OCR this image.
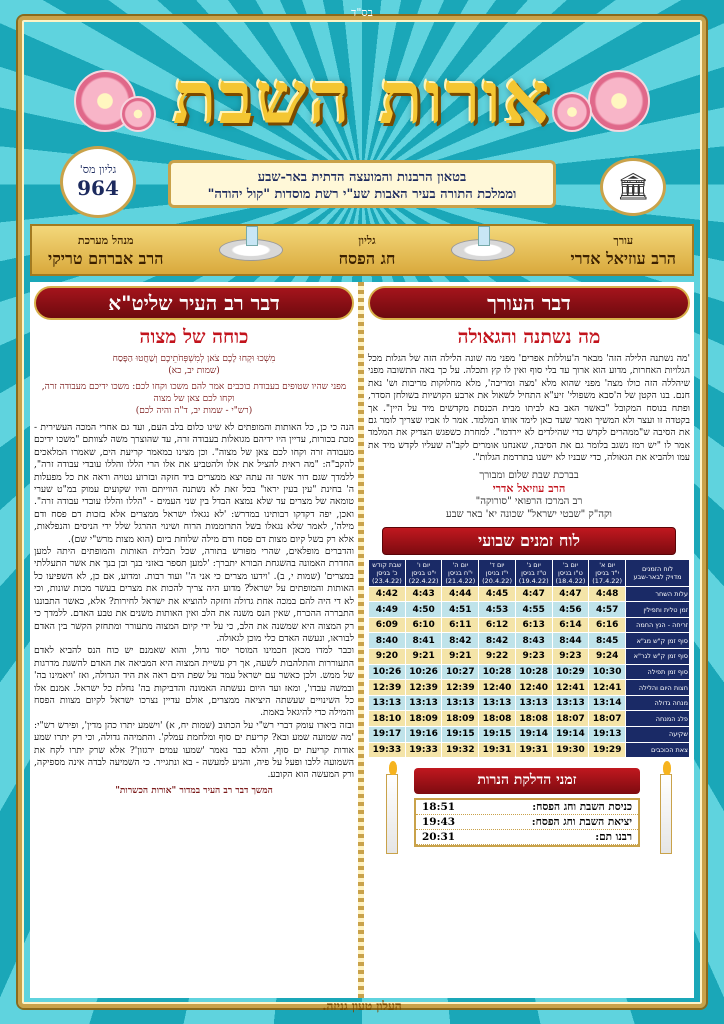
בס"ד
אורות השבת
🏛
בטאון הרבנות והמועצה הדתית באר-שבע
וממלכת התורה בעיר האבות שע"י רשת מוסדות "קול יהודה"
גליון מס'
964
עורך
הרב עוזיאל אדרי
גליון
חג הפסח
מנהל מערכת
הרב אברהם טריקי
דבר העורך
מה נשתנה והגאולה

'מה נשתנה הלילה הזה' מבאר ה'עוללות אפרים' מפני מה שונה הלילה הזה של הגלות מכל הגלויות האחרות, מדוע הוא ארוך עד בלי סוף ואין לו קץ ותכלה. על כך באה התשובה מפני שיהללה הזה כולו מצה' מפני שהוא מלא 'מצה ומריבה', מלא מחלוקות מריבות וש' נאת חנם. בנו הקטן של ה'סבא משפולי' זיע"א התחיל לשאול את ארבע הקושיות בשולחן הסדר, ופתח בנוסח המקובל "כאשר האב בא לביתו מבית הכנסת מקדשים מיד על היין". אך בקטדה זו ועצר ולא המשיך ואמר שעד כאן לימד אותו המלמד. אמר לו אביו שצריך לומר גם את הסיבה ש"ממהרים לקדש כדי שהילדים לא יירדמו". למחרת כשפגש הצדיק את המלמד אמר לו "יש רמז נשגב בלומר גם את הסיבה, שאנחנו אומרים לקב"ה שעליו לקדש מיד את עמו ולהביא את הגאולה, כדי שבניו לא יישנו בתרדמת הגלות".

בברכת שבת שלום ומבורך
הרב עוזיאל אדרי
רב המרכז הרפואי "סורוקה"
וקה"ק "שבטי ישראל" שכונה יא' באר שבע
לוח זמנים שבועי
לוח הזמנים
מדויק לבאר-שבע	יום א'
י"ד בניסן
(17.4.22)	יום ב'
ט"ו בניסן
(18.4.22)	יום ג'
ט"ז בניסן
(19.4.22)	יום ד'
י"ז בניסן
(20.4.22)	יום ה'
י"ח בניסן
(21.4.22)	יום ו'
י"ט בניסן
(22.4.22)	שבת קודש
כ' בניסן
(23.4.22)
עלות השחר	4:48	4:47	4:47	4:45	4:44	4:43	4:42
זמן טלית ותפילין	4:57	4:56	4:55	4:53	4:51	4:50	4:49
זריחה - הנץ החמה	6:16	6:14	6:13	6:12	6:11	6:10	6:09
סוף זמן ק"ש מג"א	8:45	8:44	8:43	8:42	8:42	8:41	8:40
סוף זמן ק"ש לגר"א	9:24	9:23	9:23	9:22	9:21	9:21	9:20
סוף זמן תפילה	10:30	10:29	10:28	10:28	10:27	10:26	10:26
חצות היום והלילה	12:41	12:41	12:40	12:40	12:39	12:39	12:39
מנחה גדולה	13:14	13:13	13:13	13:13	13:13	13:13	13:13
פלג המנחה	18:07	18:07	18:08	18:08	18:09	18:09	18:10
שקיעה	19:13	19:14	19:14	19:15	19:15	19:16	19:17
צאת הכוכבים	19:29	19:30	19:31	19:31	19:32	19:33	19:33
זמני הדלקת הנרות
כניסת השבת וחג הפסח:
18:51
יציאת השבת וחג הפסח:
19:43
רבנו תם:
20:31
דבר רב העיר שליט"א
כוחה של מצוה
מִשְׁכוּ וּקְחוּ לָכֶם צֹאן לְמִשְׁפְּחֹתֵיכֶם וְשַׁחֲטוּ הַפָּסַח
(שמות יב, כא)
מפני שהיו שטופים בעבודת כוכבים אמר להם משכו וקחו לכם: משכו ידיכם מעבודה זרה, וקחו לכם צאן של מצוה
(רש"י - שמות יב, ד"ה והיה לכם)

הנה כי כן, כל האותות והמופתים לא שינו כלום בלב העם, ועד גם אחרי המכה העשירית - מכת בכורות, עדיין היו ידיהם מגואלות בעבודה זרה, עד שהוצרך משה לצוותם "משכו ידיכם מעבודה זרה וקחו לכם צאן של מצוה". וכן מצינו במאמר קריעת הים, שאמרו המלאכים להקב"ה: "מה ראית להציל את אלו ולהטביע את אלו הרי הללו והללו עובדי עבודה זרה", ללמדך שגם דור אשר זה עתה יצא ממצרים ביד חזקה ובזרוע נטויה וראה את כל מפעלות ה' בחינת "עין בעין יראו" בכל זאת לא נשתנה הווייתם והיו שקועים עמוק במ"ט שערי טומאה של מצרים עד שלא נמצא הבדל בין שני העמים - "הללו והללו עובדי עבודה זרה". ואכן, יפה דקדקו רבותינו במדרש: 'לא נגאלו ישראל ממצרים אלא בזכות דם פסח ודם מילה', לאמר שלא נגאלו בשל התרוממות הרוח ושינוי ההרגל שלל ידי הניסים והנפלאות, אלא רק בשל קיום מצות דם פסח ודם מילה שלוחת ביום (הוא מצות מרש"י שם).

והדברים מופלאים, שהרי מפורש בתורה, שכל תכלית האותות והמופתים היתה למען החדרת האמונה בהשגחת הבורא יתברך: 'למען תספר באזני בנך ובן בנך את אשר התעללתי במצרים' (שמות י, ב). 'וידעו מצרים כי אני ה'' ועוד רבות. ומדוע, אם כן, לא השפיעו כל האותות והמופתים על ישראל? מדוע היה צריך להכות את מצרים בעשר מכות שונות, וכי לא די היה להם במכה אחת גדולה וחזקה להוציא את ישראל לחירות? אלא, כאשר התבוננו התבררה ההכרח, שאין הנס משנה את הלב ואין האותות משנים את טבע האדם. ללמדך כי רק המצוה היא שמשנה את הלב, כי על ידי קיום המצוה מתעורר ומתחזק הקשר בין האדם לבוראו, ונעשה האדם כלי מוכן לגאולה.

וכבר למדו מכאן חכמינו המוסר יסוד גדול, והוא שאמנם יש כוח הנס להביא לאדם התעוררות והתלהבות לשעה, אך רק עשיית המצוה היא המביאה את האדם להשגת מדרגות של ממש. ולכן כאשר עם ישראל עמד על שפת הים ראה את היד הגדולה, ואז 'ויאמינו בה' ובמשה עבדו', ומאז ועד היום נעשתה האמונה והדביקות בה' נחלת כל ישראל. אמנם אלו כל השינויים שעשתה היציאה ממצרים, אולם עדיין נצרכו ישראל לקיום מצוות הפסח והמילה כדי להיגאל באמת.

ובזה ביארו עומק דברי רש"י על הכתוב (שמות יח, א) 'וישמע יתרו כהן מדין', ופירש רש"י: 'מה שמועה שמע ובא? קריעת ים סוף ומלחמת עמלק'. והתמיהה גדולה, וכי רק יתרו שמע אודות קריעת ים סוף, והלא כבר נאמר 'שמעו עמים ירגזון'? אלא שרק יתרו לקח את השמועה ללבו ופעל על פיה, והגיע למעשה - בא ונתגייר. כי השמיעה לבדה אינה מספיקה, ורק המעשה הוא הקובע.

המשך דבר רב העיר במדור "אורות הכשרות"
העלון טעון גניזה.
